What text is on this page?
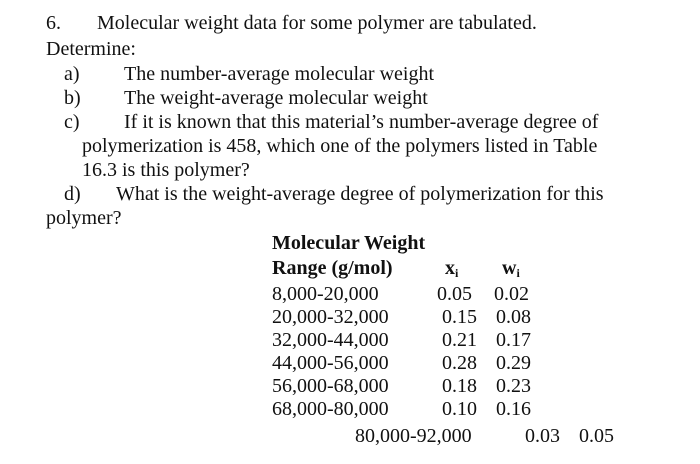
6. Molecular weight data for some polymer are tabulated.
Determine:
a) The number-average molecular weight
b) The weight-average molecular weight
c) If it is known that this material’s number-average degree of
polymerization is 458, which one of the polymers listed in Table
16.3 is this polymer?
d) What is the weight-average degree of polymerization for this
polymer?
Molecular Weight
Range (g/mol)	$x_i$ $w_i$
8,000-20,000	0.05 0.02
20,000-32,000	0.15 0.08
32,000-44,000	0.21 0.17
44,000-56,000	0.28 0.29
56,000-68,000	0.18 0.23
68,000-80,000	0.10 0.16
80,000-92,000	0.03 0.05
